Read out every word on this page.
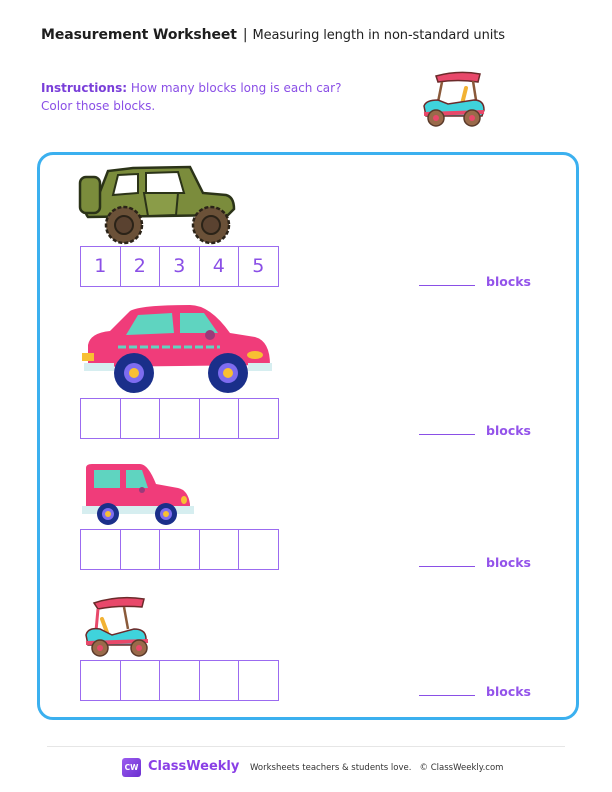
Measurement Worksheet | Measuring length in non-standard units
Instructions: How many blocks long is each car?
Color those blocks.
1	2	3	4	5
blocks
blocks
blocks
blocks
CW ClassWeekly Worksheets teachers & students love. © ClassWeekly.com
